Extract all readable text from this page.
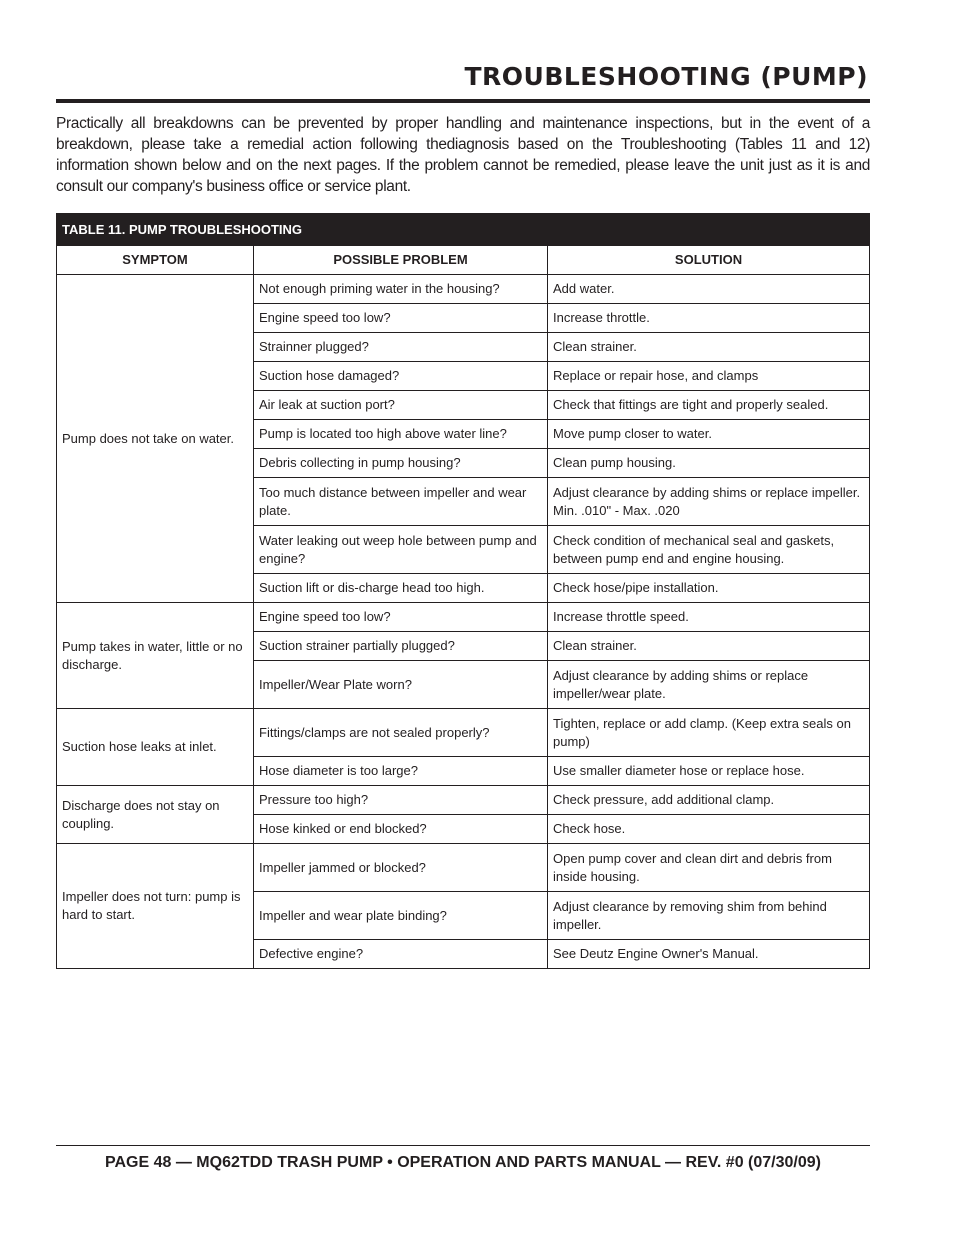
TROUBLESHOOTING (PUMP)
Practically all breakdowns can be prevented by proper handling and maintenance inspections, but in the event of a breakdown, please take a remedial action following thediagnosis based on the Troubleshooting (Tables 11 and 12) information shown below and on the next pages. If the problem cannot be remedied, please leave the unit just as it is and consult our company's business office or service plant.
TABLE 11. PUMP TROUBLESHOOTING		
SYMPTOM	POSSIBLE PROBLEM	SOLUTION
Pump does not take on water.	Not enough priming water in the housing?	Add water.
	Engine speed too low?	Increase throttle.
	Strainner plugged?	Clean strainer.
	Suction hose damaged?	Replace or repair hose, and clamps
	Air leak at suction port?	Check that fittings are tight and properly sealed.
	Pump is located too high above water line?	Move pump closer to water.
	Debris collecting in pump housing?	Clean pump housing.
	Too much distance between impeller and wear plate.	Adjust clearance by adding shims or replace impeller. Min. .010" - Max. .020
	Water leaking out weep hole between pump and engine?	Check condition of mechanical seal and gaskets, between pump end and engine housing.
	Suction lift or dis-charge head too high.	Check hose/pipe installation.
Pump takes in water, little or no discharge.	Engine speed too low?	Increase throttle speed.
	Suction strainer partially plugged?	Clean strainer.
	Impeller/Wear Plate worn?	Adjust clearance by adding shims or replace impeller/wear plate.
Suction hose leaks at inlet.	Fittings/clamps are not sealed properly?	Tighten, replace or add clamp. (Keep extra seals on pump)
	Hose diameter is too large?	Use smaller diameter hose or replace hose.
Discharge does not stay on coupling.	Pressure too high?	Check pressure, add additional clamp.
	Hose kinked or end blocked?	Check hose.
Impeller does not turn: pump is hard to start.	Impeller jammed or blocked?	Open pump cover and clean dirt and debris from inside housing.
	Impeller and wear plate binding?	Adjust clearance by removing shim from behind impeller.
	Defective engine?	See Deutz Engine Owner's Manual.
PAGE 48 — MQ62TDD TRASH PUMP • OPERATION AND PARTS MANUAL — REV. #0 (07/30/09)
